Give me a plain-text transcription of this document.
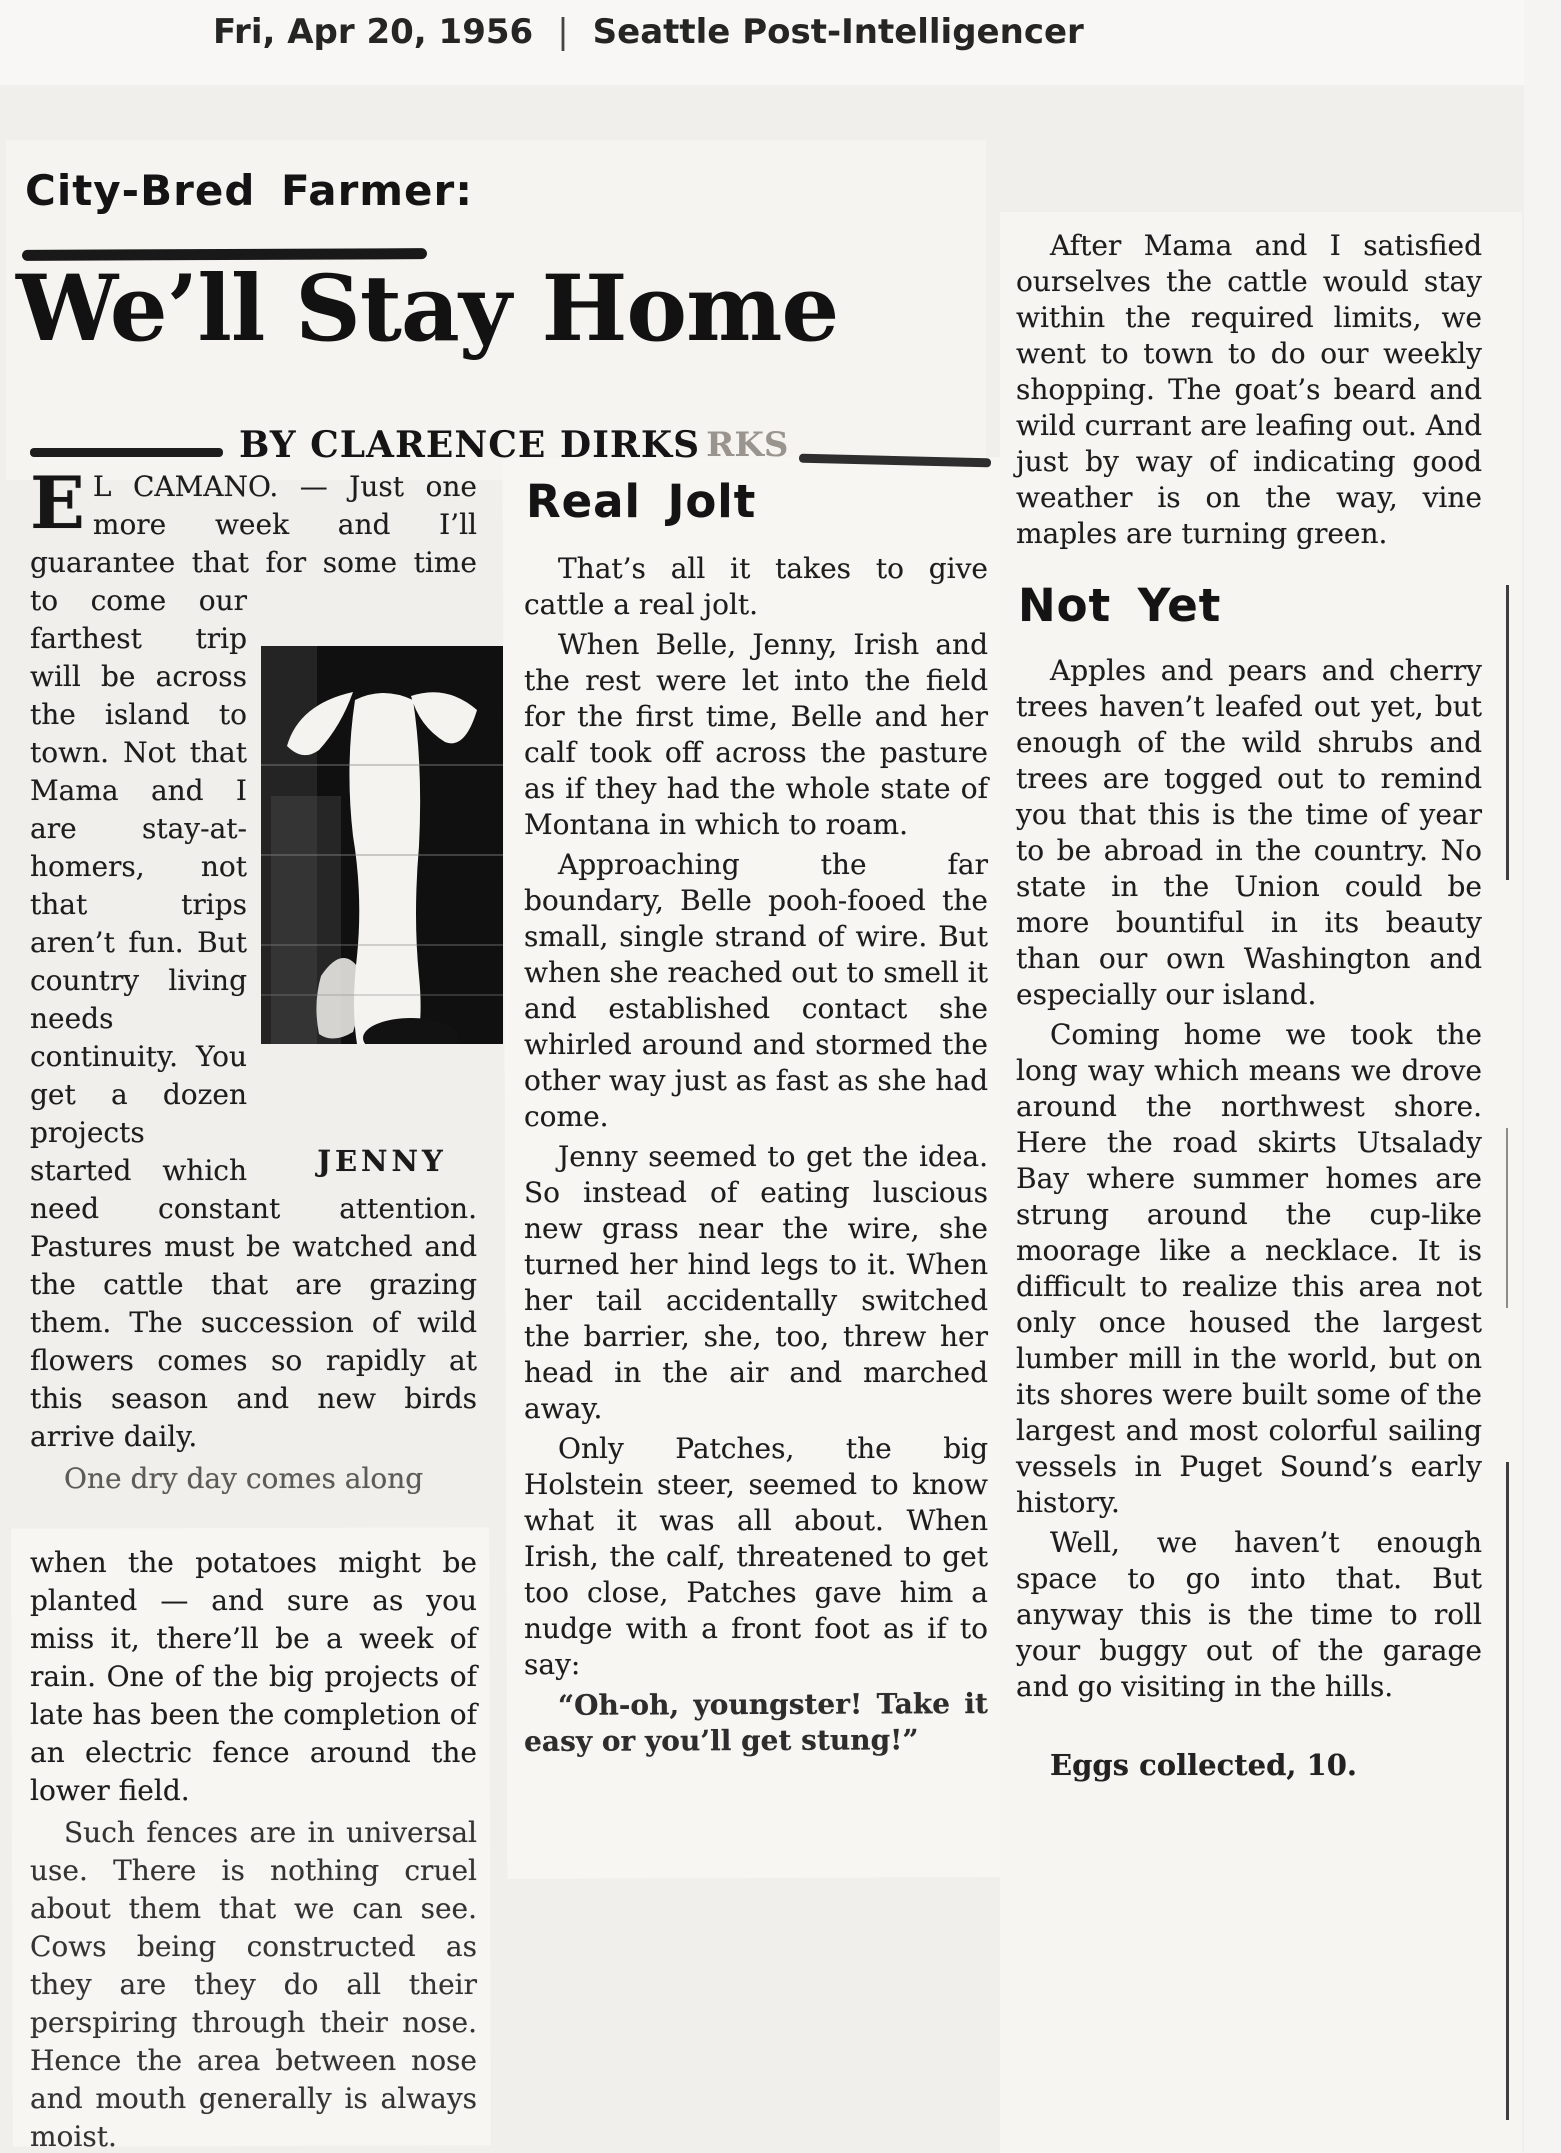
Fri, Apr 20, 1956 | Seattle Post-Intelligencer
City-Bred Farmer:
We’ll Stay Home
BY CLARENCE DIRKS RKS

E L CAMANO. — Just one more week and I’ll guarantee that for some time to
JENNY
come our farthest trip will be across the island to town. Not that Mama and I are stay-at-homers, not that trips aren’t fun. But country living needs continuity. You get a dozen projects started which need constant attention. Pastures must be watched and the cattle that are grazing them. The succession of wild flowers comes so rapidly at this season and new birds arrive daily.

One dry day comes along

when the potatoes might be planted — and sure as you miss it, there’ll be a week of rain. One of the big projects of late has been the completion of an electric fence around the lower field.

Such fences are in universal use. There is nothing cruel about them that we can see. Cows being constructed as they are they do all their perspiring through their nose. Hence the area between nose and mouth generally is always moist.

Real Jolt

That’s all it takes to give cattle a real jolt.

When Belle, Jenny, Irish and the rest were let into the field for the first time, Belle and her calf took off across the pasture as if they had the whole state of Montana in which to roam.

Approaching the far boundary, Belle pooh-fooed the small, single strand of wire. But when she reached out to smell it and established contact she whirled around and stormed the other way just as fast as she had come.

Jenny seemed to get the idea. So instead of eating luscious new grass near the wire, she turned her hind legs to it. When her tail accidentally switched the barrier, she, too, threw her head in the air and marched away.

Only Patches, the big Holstein steer, seemed to know what it was all about. When Irish, the calf, threatened to get too close, Patches gave him a nudge with a front foot as if to say:

“Oh-oh, youngster! Take it easy or you’ll get stung!”

After Mama and I satisfied ourselves the cattle would stay within the required limits, we went to town to do our weekly shopping. The goat’s beard and wild currant are leafing out. And just by way of indicating good weather is on the way, vine maples are turning green.

Not Yet

Apples and pears and cherry trees haven’t leafed out yet, but enough of the wild shrubs and trees are togged out to remind you that this is the time of year to be abroad in the country. No state in the Union could be more bountiful in its beauty than our own Washington and especially our island.

Coming home we took the long way which means we drove around the northwest shore. Here the road skirts Utsalady Bay where summer homes are strung around the cup-like moorage like a necklace. It is difficult to realize this area not only once housed the largest lumber mill in the world, but on its shores were built some of the largest and most colorful sailing vessels in Puget Sound’s early history.

Well, we haven’t enough space to go into that. But anyway this is the time to roll your buggy out of the garage and go visiting in the hills.

Eggs collected, 10.
